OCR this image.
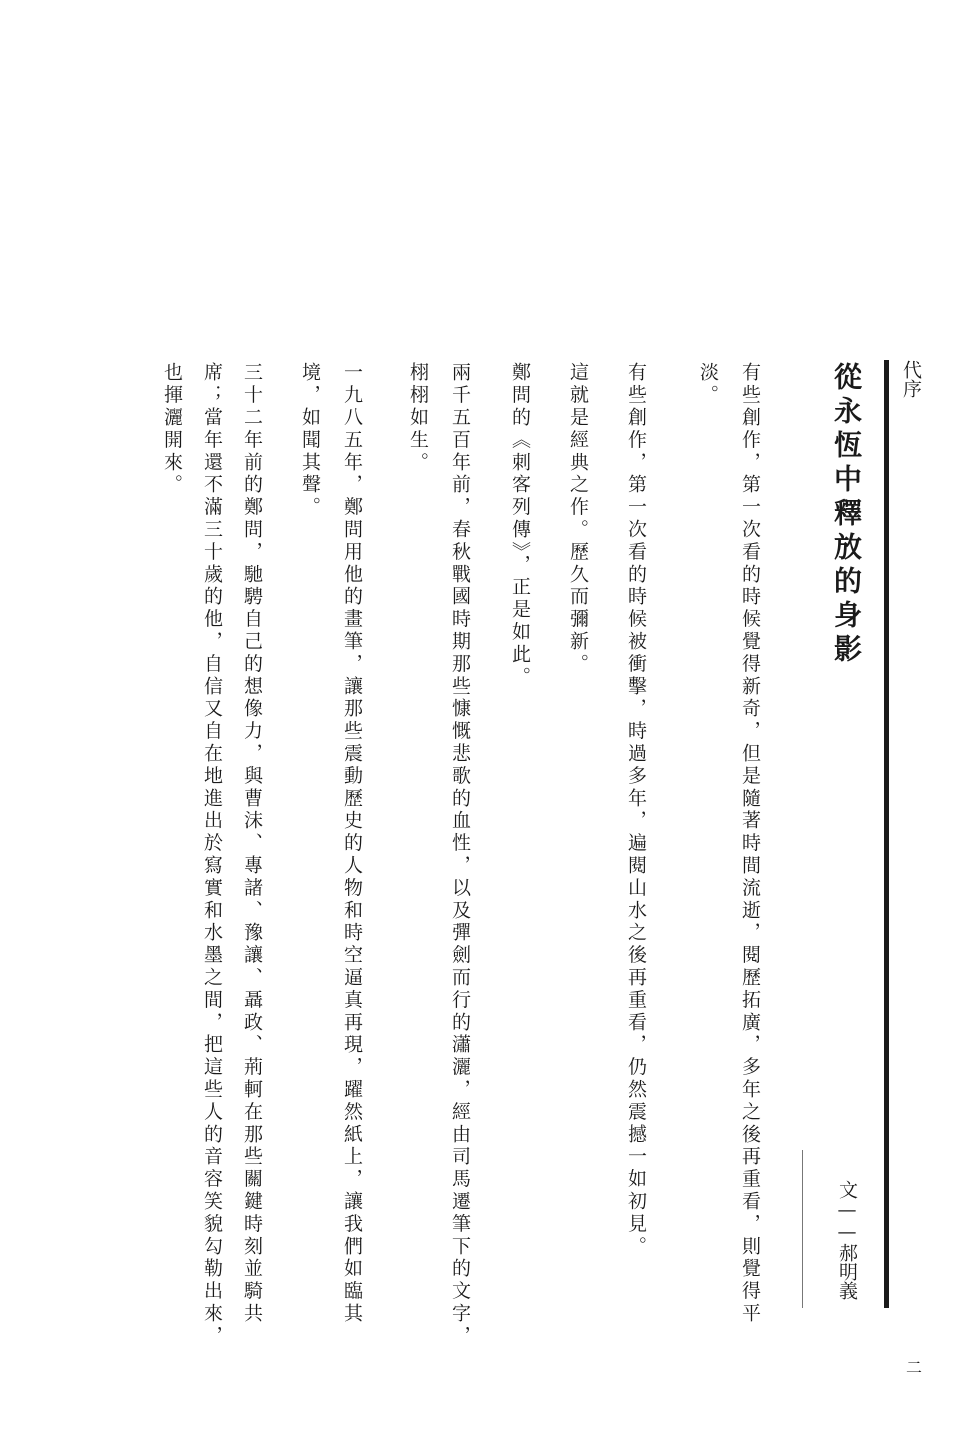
代序
從永恆中釋放的身影
文——郝明義
有些創作，第一次看的時候覺得新奇，但是隨著時間流逝，閱歷拓廣，多年之後再重看，則覺得平
淡。
有些創作，第一次看的時候被衝擊，時過多年，遍閱山水之後再重看，仍然震撼一如初見。
這就是經典之作。歷久而彌新。
鄭問的《刺客列傳》，正是如此。
兩千五百年前，春秋戰國時期那些慷慨悲歌的血性，以及彈劍而行的瀟灑，經由司馬遷筆下的文字，
栩栩如生。
一九八五年，鄭問用他的畫筆，讓那些震動歷史的人物和時空逼真再現，躍然紙上，讓我們如臨其
境，如聞其聲。
三十二年前的鄭問，馳騁自己的想像力，與曹沫、專諸、豫讓、聶政、荊軻在那些關鍵時刻並騎共
席；當年還不滿三十歲的他，自信又自在地進出於寫實和水墨之間，把這些人的音容笑貌勾勒出來，
也揮灑開來。
二
